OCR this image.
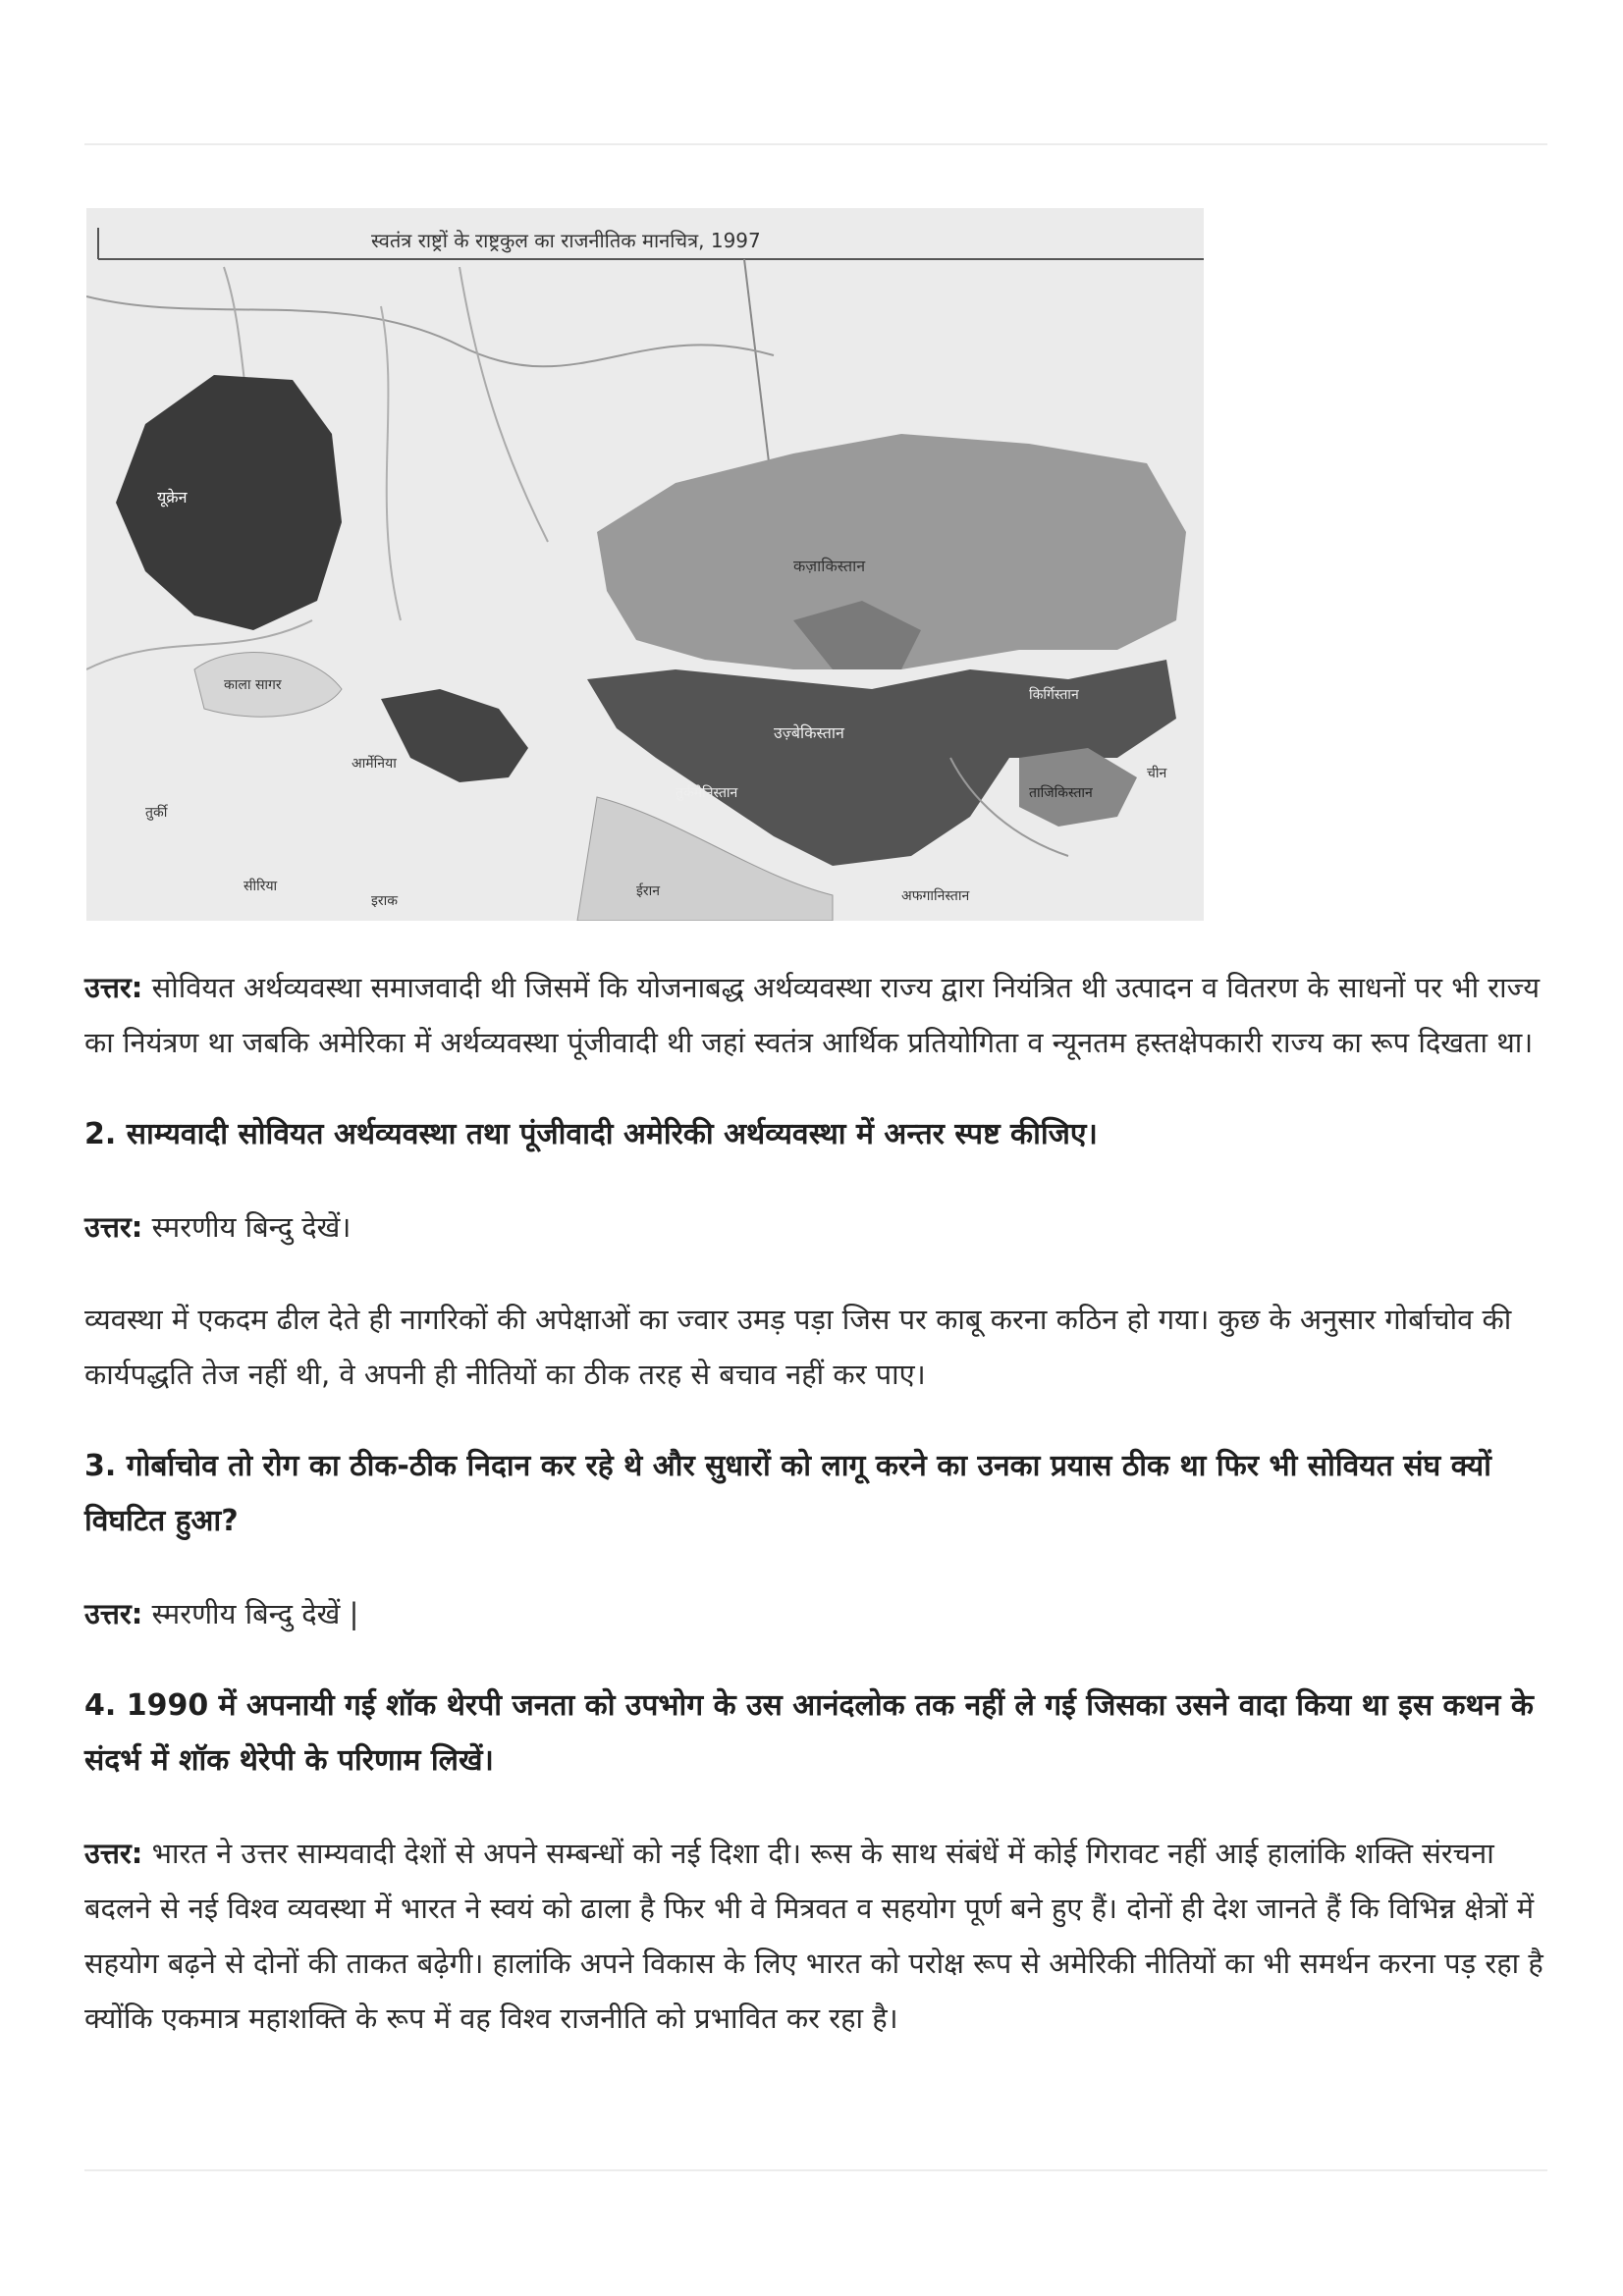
स्वतंत्र राष्ट्रों के राष्ट्रकुल का राजनीतिक मानचित्र, 1997
यूक्रेन
कज़ाकिस्तान
उज़्बेकिस्तान
आर्मेनिया
तुर्कमेनिस्तान	ताजिकिस्तान
किर्गिस्तान
ईरान
इराक
सीरिया
अफगानिस्तान
चीन
काला सागर
तुर्की

उत्तर: सोवियत अर्थव्यवस्था समाजवादी थी जिसमें कि योजनाबद्ध अर्थव्यवस्था राज्य द्वारा नियंत्रित थी उत्पादन व वितरण के साधनों पर भी राज्य का नियंत्रण था जबकि अमेरिका में अर्थव्यवस्था पूंजीवादी थी जहां स्वतंत्र आर्थिक प्रतियोगिता व न्यूनतम हस्तक्षेपकारी राज्य का रूप दिखता था।

2. साम्यवादी सोवियत अर्थव्यवस्था तथा पूंजीवादी अमेरिकी अर्थव्यवस्था में अन्तर स्पष्ट कीजिए।

उत्तर: स्मरणीय बिन्दु देखें।

व्यवस्था में एकदम ढील देते ही नागरिकों की अपेक्षाओं का ज्वार उमड़ पड़ा जिस पर काबू करना कठिन हो गया। कुछ के अनुसार गोर्बाचोव की कार्यपद्धति तेज नहीं थी, वे अपनी ही नीतियों का ठीक तरह से बचाव नहीं कर पाए।

3. गोर्बाचोव तो रोग का ठीक-ठीक निदान कर रहे थे और सुधारों को लागू करने का उनका प्रयास ठीक था फिर भी सोवियत संघ क्यों विघटित हुआ?

उत्तर: स्मरणीय बिन्दु देखें |

4. 1990 में अपनायी गई शॉक थेरपी जनता को उपभोग के उस आनंदलोक तक नहीं ले गई जिसका उसने वादा किया था इस कथन के संदर्भ में शॉक थेरेपी के परिणाम लिखें।

उत्तर: भारत ने उत्तर साम्यवादी देशों से अपने सम्बन्धों को नई दिशा दी। रूस के साथ संबंधें में कोई गिरावट नहीं आई हालांकि शक्ति संरचना बदलने से नई विश्व व्यवस्था में भारत ने स्वयं को ढाला है फिर भी वे मित्रवत व सहयोग पूर्ण बने हुए हैं। दोनों ही देश जानते हैं कि विभिन्न क्षेत्रों में सहयोग बढ़ने से दोनों की ताकत बढ़ेगी। हालांकि अपने विकास के लिए भारत को परोक्ष रूप से अमेरिकी नीतियों का भी समर्थन करना पड़ रहा है क्योंकि एकमात्र महाशक्ति के रूप में वह विश्व राजनीति को प्रभावित कर रहा है।
